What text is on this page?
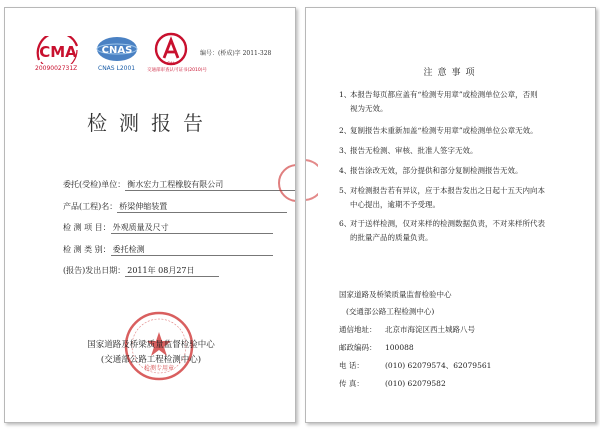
CMA
2009002731Z
CNAS
CNAS L2001
CAL
交通部审查认可证书(2010)号
编号：(桥成)字 2011-328
检测报告
委托(受检)单位： 衡水宏力工程橡胶有限公司
产品(工程)名： 桥梁伸缩装置
检 测 项 目： 外观质量及尺寸
检 测 类 别： 委托检测
(报告)发出日期： 2011年 08月27日
检测专用章
国家道路及桥梁质量监督检验中心
(交通部公路工程检测中心)
注意事项
1、本报告每页都应盖有“检测专用章”或检测单位公章，否则
视为无效。
2、复制报告未重新加盖“检测专用章”或检测单位公章无效。
3、报告无检测、审核、批准人签字无效。
4、报告涂改无效，部分提供和部分复制检测报告无效。
5、对检测报告若有异议，应于本报告发出之日起十五天内向本
中心提出，逾期不予受理。
6、对于送样检测，仅对来样的检测数据负责，不对来样所代表
的批量产品的质量负责。
国家道路及桥梁质量监督检验中心
(交通部公路工程检测中心)
通信地址： 北京市海淀区西土城路八号
邮政编码： 100088
电 话：	(010) 62079574、62079561
传 真：	(010) 62079582
